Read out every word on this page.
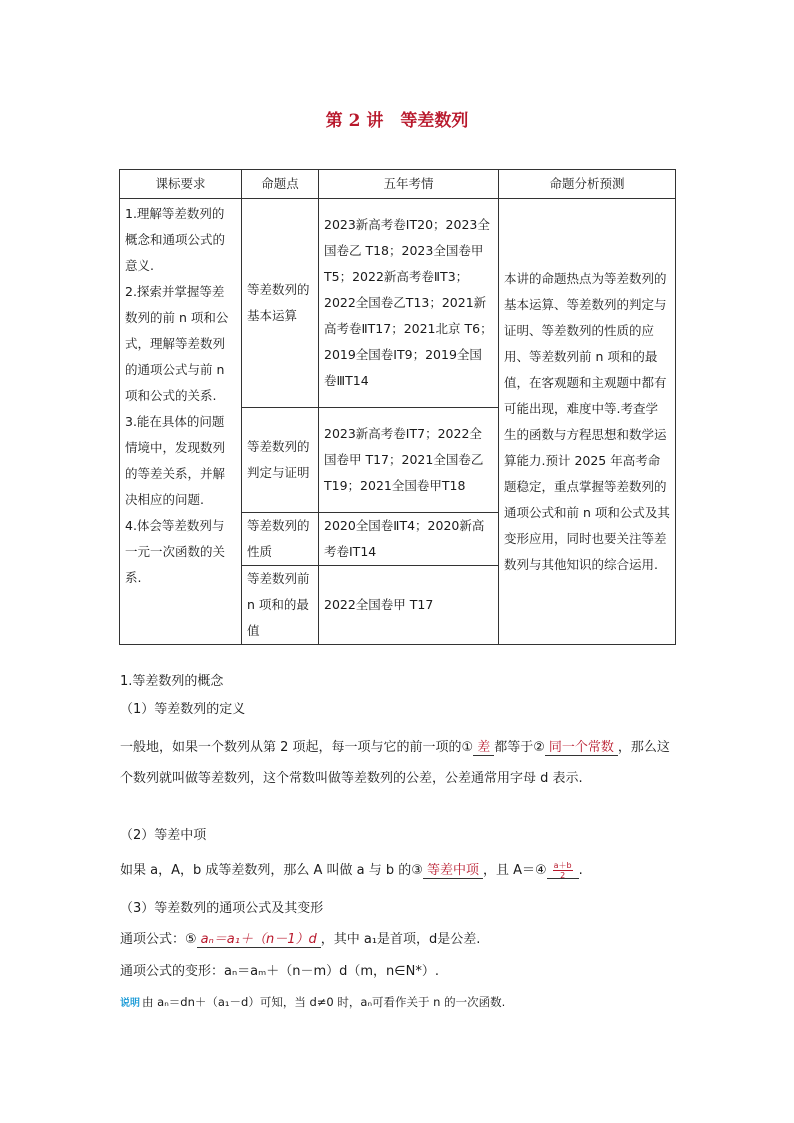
第 2 讲　等差数列
课标要求	命题点	五年考情	命题分析预测
1.理解等差数列的概念和通项公式的意义.
2.探索并掌握等差数列的前 n 项和公式，理解等差数列的通项公式与前 n 项和公式的关系.
3.能在具体的问题情境中，发现数列的等差关系，并解决相应的问题.
4.体会等差数列与一元一次函数的关系.	等差数列的基本运算	2023新高考卷ⅠT20；2023全国卷乙 T18；2023全国卷甲 T5；2022新高考卷ⅡT3；2022全国卷乙T13；2021新高考卷ⅡT17；2021北京 T6；2019全国卷ⅠT9；2019全国卷ⅢT14	本讲的命题热点为等差数列的基本运算、等差数列的判定与证明、等差数列的性质的应用、等差数列前 n 项和的最值，在客观题和主观题中都有可能出现，难度中等.考查学生的函数与方程思想和数学运算能力.预计 2025 年高考命题稳定，重点掌握等差数列的通项公式和前 n 项和公式及其变形应用，同时也要关注等差数列与其他知识的综合运用.
	等差数列的判定与证明	2023新高考卷ⅠT7；2022全国卷甲 T17；2021全国卷乙 T19；2021全国卷甲T18	
	等差数列的性质	2020全国卷ⅡT4；2020新高考卷ⅠT14	
	等差数列前 n 项和的最值	2022全国卷甲 T17	
1.等差数列的概念
（1）等差数列的定义
一般地，如果一个数列从第 2 项起，每一项与它的前一项的① 差 都等于② 同一个常数 ，那么这个数列就叫做等差数列，这个常数叫做等差数列的公差，公差通常用字母 d 表示.
（2）等差中项
如果 a，A，b 成等差数列，那么 A 叫做 a 与 b 的③ 等差中项 ，且 A＝④ $\frac{a+b}{2}$ .
（3）等差数列的通项公式及其变形
通项公式：⑤ aₙ＝a₁＋（n－1）d ，其中 a₁是首项，d是公差.
通项公式的变形：aₙ＝aₘ＋（n－m）d（m，n∈N*）.
说明 由 aₙ＝dn＋（a₁－d）可知，当 d≠0 时，aₙ可看作关于 n 的一次函数.
